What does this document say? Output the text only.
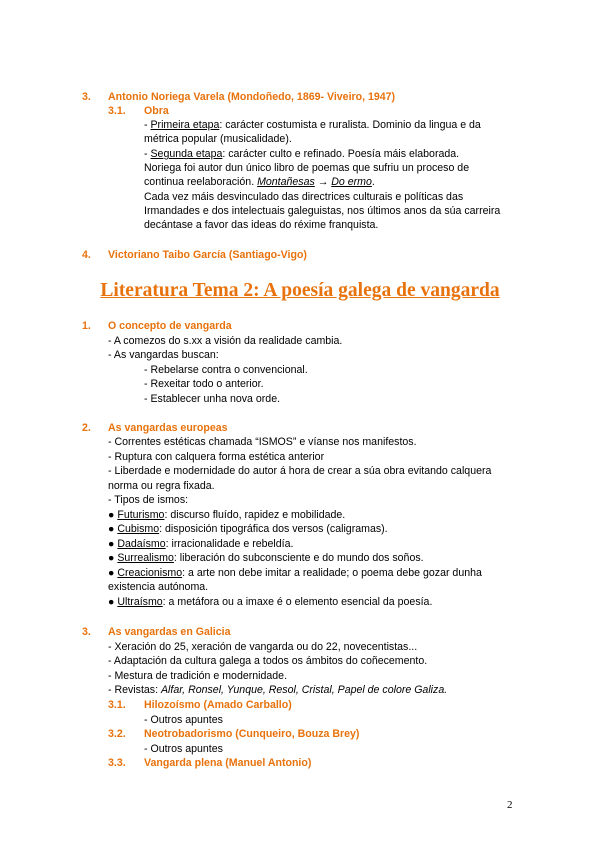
3. Antonio Noriega Varela (Mondoñedo, 1869- Viveiro, 1947)
3.1. Obra
- Primeira etapa: carácter costumista e ruralista. Dominio da lingua e da
métrica popular (musicalidade).
- Segunda etapa: carácter culto e refinado. Poesía máis elaborada.
Noriega foi autor dun único libro de poemas que sufriu un proceso de
continua reelaboración. Montañesas → Do ermo.
Cada vez máis desvinculado das directrices culturais e políticas das
Irmandades e dos intelectuais galeguistas, nos últimos anos da súa carreira
decántase a favor das ideas do réxime franquista.
4. Victoriano Taibo García (Santiago-Vigo)
Literatura Tema 2: A poesía galega de vangarda
1. O concepto de vangarda
- A comezos do s.xx a visión da realidade cambia.
- As vangardas buscan:
- Rebelarse contra o convencional.
- Rexeitar todo o anterior.
- Establecer unha nova orde.
2. As vangardas europeas
- Correntes estéticas chamada “ISMOS” e víanse nos manifestos.
- Ruptura con calquera forma estética anterior
- Liberdade e modernidade do autor á hora de crear a súa obra evitando calquera
norma ou regra fixada.
- Tipos de ismos:
● Futurismo: discurso fluído, rapidez e mobilidade.
● Cubismo: disposición tipográfica dos versos (caligramas).
● Dadaísmo: irracionalidade e rebeldía.
● Surrealismo: liberación do subconsciente e do mundo dos soños.
● Creacionismo: a arte non debe imitar a realidade; o poema debe gozar dunha
existencia autónoma.
● Ultraísmo: a metáfora ou a imaxe é o elemento esencial da poesía.
3. As vangardas en Galicia
- Xeración do 25, xeración de vangarda ou do 22, novecentistas...
- Adaptación da cultura galega a todos os ámbitos do coñecemento.
- Mestura de tradición e modernidade.
- Revistas: Alfar, Ronsel, Yunque, Resol, Cristal, Papel de colore Galiza.
3.1. Hilozoísmo (Amado Carballo)
- Outros apuntes
3.2. Neotrobadorismo (Cunqueiro, Bouza Brey)
- Outros apuntes
3.3. Vangarda plena (Manuel Antonio)
2
